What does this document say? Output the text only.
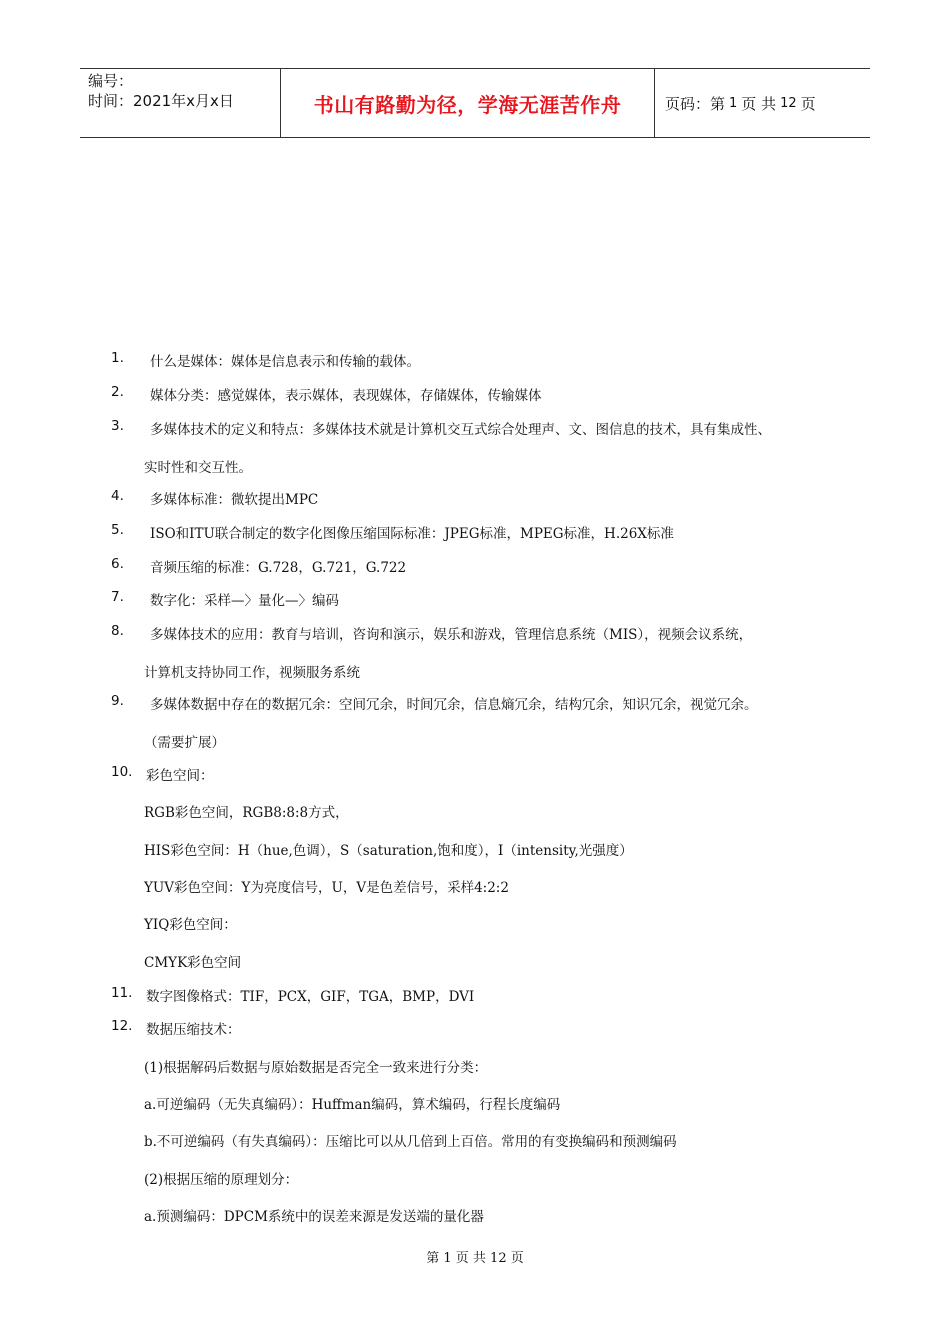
编号：
时间：2021年x月x日	书山有路勤为径，学海无涯苦作舟	页码：第 1 页 共 12 页
1. 什么是媒体：媒体是信息表示和传输的载体。
2. 媒体分类：感觉媒体，表示媒体，表现媒体，存储媒体，传输媒体
3. 多媒体技术的定义和特点：多媒体技术就是计算机交互式综合处理声、文、图信息的技术，具有集成性、
实时性和交互性。
4. 多媒体标准：微软提出MPC
5. ISO和ITU联合制定的数字化图像压缩国际标准：JPEG标准，MPEG标准，H.26X标准
6. 音频压缩的标准：G.728，G.721，G.722
7. 数字化：采样—〉量化—〉编码
8. 多媒体技术的应用：教育与培训，咨询和演示，娱乐和游戏，管理信息系统（MIS），视频会议系统，
计算机支持协同工作，视频服务系统
9. 多媒体数据中存在的数据冗余：空间冗余，时间冗余，信息熵冗余，结构冗余，知识冗余，视觉冗余。
（需要扩展）
10. 彩色空间：
RGB彩色空间，RGB8:8:8方式，
HIS彩色空间：H（hue,色调），S（saturation,饱和度），I（intensity,光强度）
YUV彩色空间：Y为亮度信号，U，V是色差信号，采样4:2:2
YIQ彩色空间：
CMYK彩色空间
11. 数字图像格式：TIF，PCX，GIF，TGA，BMP，DVI
12. 数据压缩技术：
(1)根据解码后数据与原始数据是否完全一致来进行分类：
a.可逆编码（无失真编码）：Huffman编码，算术编码，行程长度编码
b.不可逆编码（有失真编码）：压缩比可以从几倍到上百倍。常用的有变换编码和预测编码
(2)根据压缩的原理划分：
a.预测编码：DPCM系统中的误差来源是发送端的量化器
第 1 页 共 12 页
